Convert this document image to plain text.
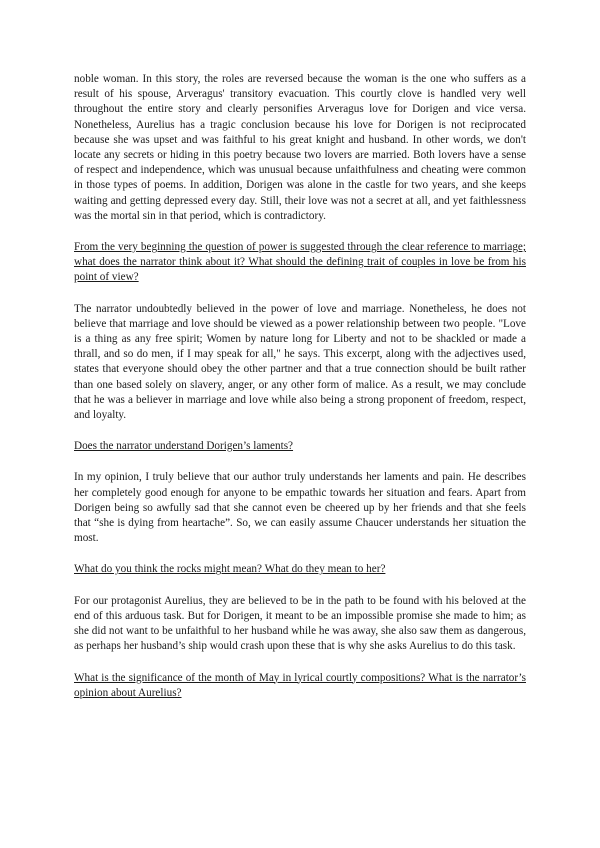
noble woman. In this story, the roles are reversed because the woman is the one who suffers as a result of his spouse, Arveragus' transitory evacuation. This courtly clove is handled very well throughout the entire story and clearly personifies Arveragus love for Dorigen and vice versa. Nonetheless, Aurelius has a tragic conclusion because his love for Dorigen is not reciprocated because she was upset and was faithful to his great knight and husband. In other words, we don't locate any secrets or hiding in this poetry because two lovers are married. Both lovers have a sense of respect and independence, which was unusual because unfaithfulness and cheating were common in those types of poems. In addition, Dorigen was alone in the castle for two years, and she keeps waiting and getting depressed every day. Still, their love was not a secret at all, and yet faithlessness was the mortal sin in that period, which is contradictory.

From the very beginning the question of power is suggested through the clear reference to marriage; what does the narrator think about it? What should the defining trait of couples in love be from his point of view?

The narrator undoubtedly believed in the power of love and marriage. Nonetheless, he does not believe that marriage and love should be viewed as a power relationship between two people. "Love is a thing as any free spirit; Women by nature long for Liberty and not to be shackled or made a thrall, and so do men, if I may speak for all," he says. This excerpt, along with the adjectives used, states that everyone should obey the other partner and that a true connection should be built rather than one based solely on slavery, anger, or any other form of malice. As a result, we may conclude that he was a believer in marriage and love while also being a strong proponent of freedom, respect, and loyalty.

Does the narrator understand Dorigen’s laments?

In my opinion, I truly believe that our author truly understands her laments and pain. He describes her completely good enough for anyone to be empathic towards her situation and fears. Apart from Dorigen being so awfully sad that she cannot even be cheered up by her friends and that she feels that “she is dying from heartache”. So, we can easily assume Chaucer understands her situation the most.

What do you think the rocks might mean? What do they mean to her?

For our protagonist Aurelius, they are believed to be in the path to be found with his beloved at the end of this arduous task. But for Dorigen, it meant to be an impossible promise she made to him; as she did not want to be unfaithful to her husband while he was away, she also saw them as dangerous, as perhaps her husband’s ship would crash upon these that is why she asks Aurelius to do this task.

What is the significance of the month of May in lyrical courtly compositions? What is the narrator’s opinion about Aurelius?
